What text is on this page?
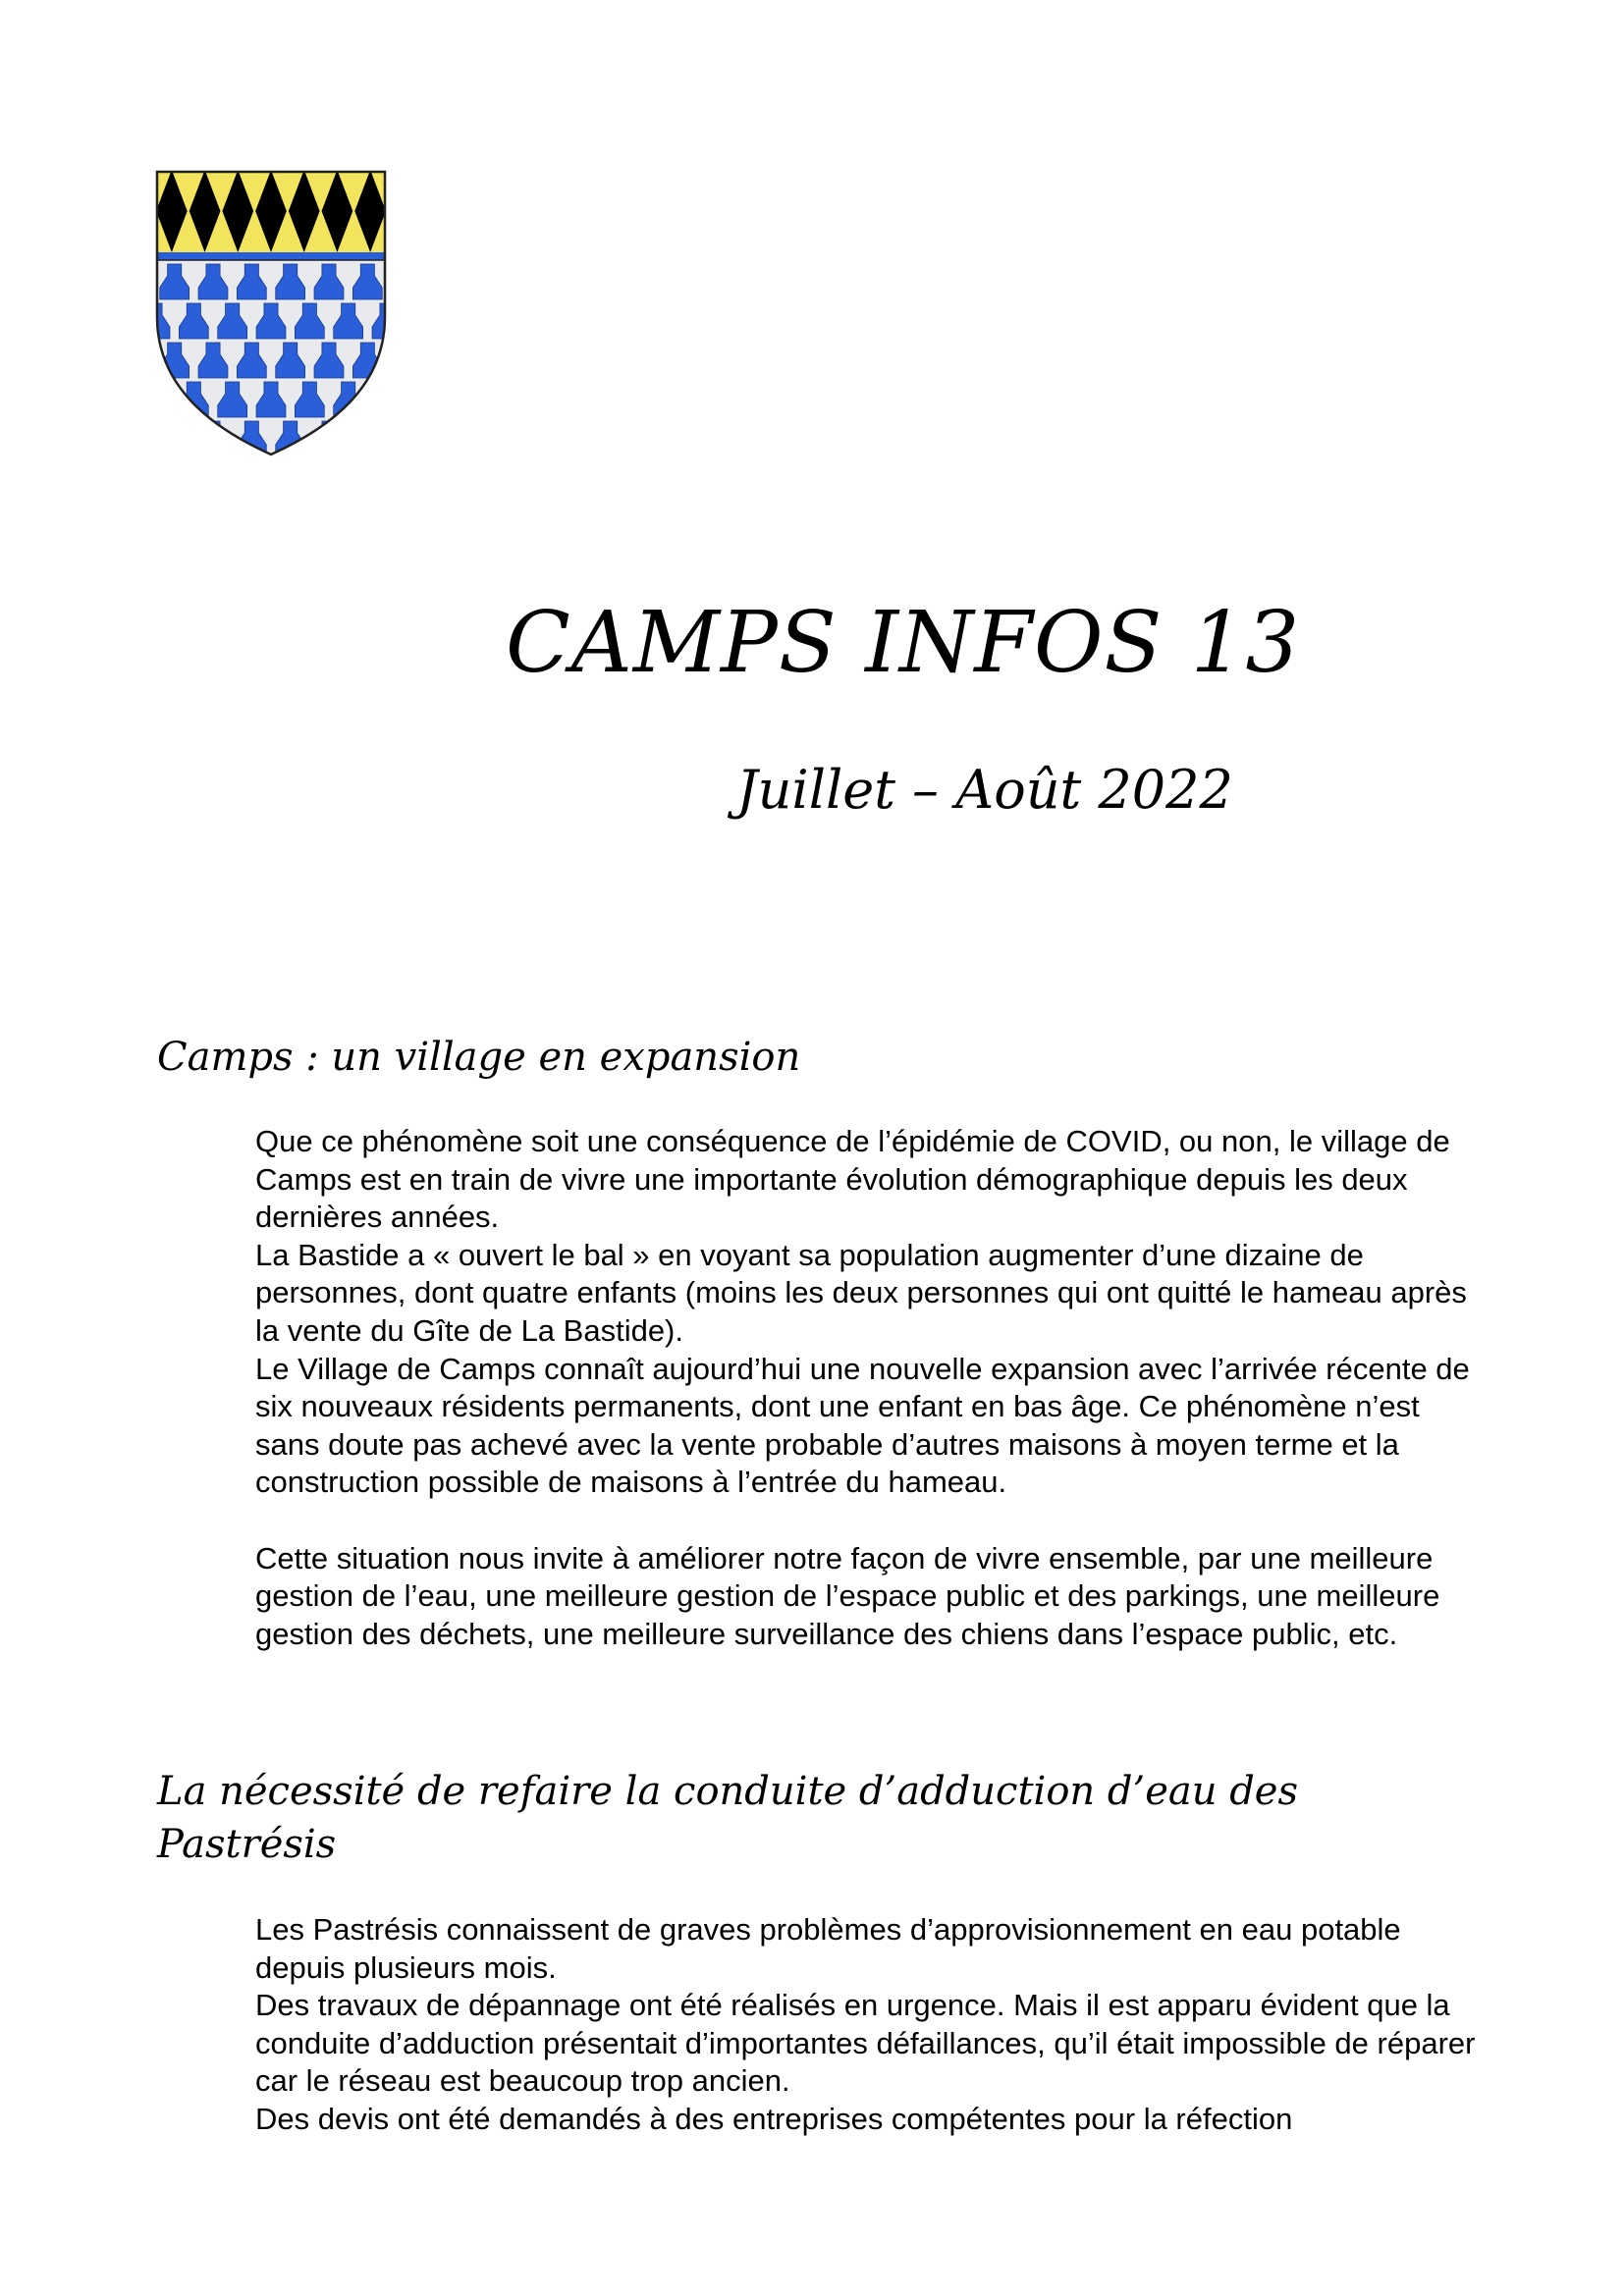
CAMPS INFOS 13
Juillet – Août 2022
Camps : un village en expansion

Que ce phénomène soit une conséquence de l’épidémie de COVID, ou non, le village de Camps est en train de vivre une importante évolution démographique depuis les deux dernières années.

La Bastide a « ouvert le bal » en voyant sa population augmenter d’une dizaine de personnes, dont quatre enfants (moins les deux personnes qui ont quitté le hameau après la vente du Gîte de La Bastide).

Le Village de Camps connaît aujourd’hui une nouvelle expansion avec l’arrivée récente de six nouveaux résidents permanents, dont une enfant en bas âge. Ce phénomène n’est sans doute pas achevé avec la vente probable d’autres maisons à moyen terme et la construction possible de maisons à l’entrée du hameau.

Cette situation nous invite à améliorer notre façon de vivre ensemble, par une meilleure gestion de l’eau, une meilleure gestion de l’espace public et des parkings, une meilleure gestion des déchets, une meilleure surveillance des chiens dans l’espace public, etc.

La nécessité de refaire la conduite d’adduction d’eau des Pastrésis

Les Pastrésis connaissent de graves problèmes d’approvisionnement en eau potable depuis plusieurs mois.

Des travaux de dépannage ont été réalisés en urgence. Mais il est apparu évident que la conduite d’adduction présentait d’importantes défaillances, qu’il était impossible de réparer car le réseau est beaucoup trop ancien.

Des devis ont été demandés à des entreprises compétentes pour la réfection
